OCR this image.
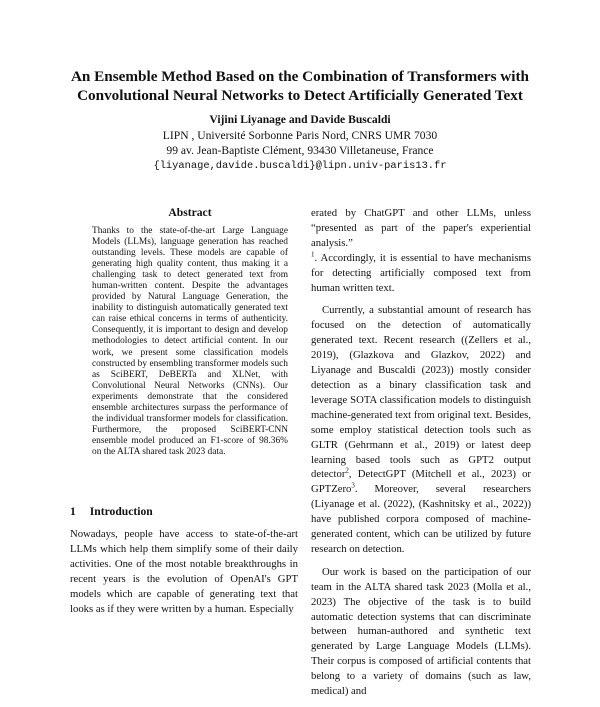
An Ensemble Method Based on the Combination of Transformers with
Convolutional Neural Networks to Detect Artificially Generated Text
Vijini Liyanage and Davide Buscaldi
LIPN , Université Sorbonne Paris Nord, CNRS UMR 7030
99 av. Jean-Baptiste Clément, 93430 Villetaneuse, France
{liyanage,davide.buscaldi}@lipn.univ-paris13.fr
Abstract
Thanks to the state-of-the-art Large Language Models (LLMs), language generation has reached outstanding levels. These models are capable of generating high quality content, thus making it a challenging task to detect generated text from human-written content. Despite the advantages provided by Natural Language Generation, the inability to distinguish automatically generated text can raise ethical concerns in terms of authenticity. Consequently, it is important to design and develop methodologies to detect artificial content. In our work, we present some classification models constructed by ensembling transformer models such as SciBERT, DeBERTa and XLNet, with Convolutional Neural Networks (CNNs). Our experiments demonstrate that the considered ensemble architectures surpass the performance of the individual transformer models for classification. Furthermore, the proposed SciBERT-CNN ensemble model produced an F1-score of 98.36% on the ALTA shared task 2023 data.
1 Introduction
Nowadays, people have access to state-of-the-art LLMs which help them simplify some of their daily activities. One of the most notable breakthroughs in recent years is the evolution of OpenAI's GPT models which are capable of generating text that looks as if they were written by a human. Especially

erated by ChatGPT and other LLMs, unless “presented as part of the paper's experiential analysis.”
$^1$. Accordingly, it is essential to have mechanisms for detecting artificially composed text from human written text.

Currently, a substantial amount of research has focused on the detection of automatically generated text. Recent research ((Zellers et al., 2019), (Glazkova and Glazkov, 2022) and Liyanage and Buscaldi (2023)) mostly consider detection as a binary classification task and leverage SOTA classification models to distinguish machine-generated text from original text. Besides, some employ statistical detection tools such as GLTR (Gehrmann et al., 2019) or latest deep learning based tools such as GPT2 output detector$^2$, DetectGPT (Mitchell et al., 2023) or GPTZero$^3$. Moreover, several researchers (Liyanage et al. (2022), (Kashnitsky et al., 2022)) have published corpora composed of machine-generated content, which can be utilized by future research on detection.

Our work is based on the participation of our team in the ALTA shared task 2023 (Molla et al., 2023) The objective of the task is to build automatic detection systems that can discriminate between human-authored and synthetic text generated by Large Language Models (LLMs). Their corpus is composed of artificial contents that belong to a variety of domains (such as law, medical) and
